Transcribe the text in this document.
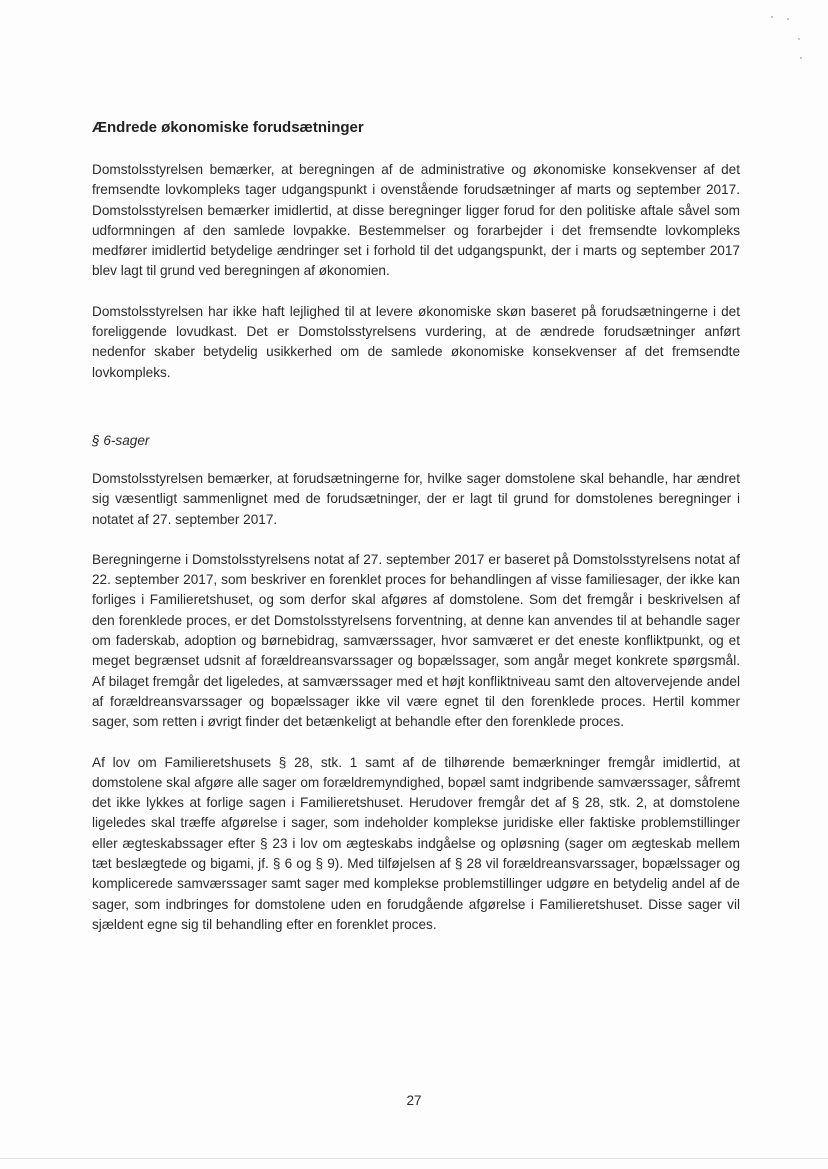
Ændrede økonomiske forudsætninger

Domstolsstyrelsen bemærker, at beregningen af de administrative og økonomiske konsekvenser af det fremsendte lovkompleks tager udgangspunkt i ovenstående forudsætninger af marts og september 2017. Domstolsstyrelsen bemærker imidlertid, at disse beregninger ligger forud for den politiske aftale såvel som udformningen af den samlede lovpakke. Bestemmelser og forarbejder i det fremsendte lovkompleks medfører imidlertid betydelige ændringer set i forhold til det udgangspunkt, der i marts og september 2017 blev lagt til grund ved beregningen af økonomien.

Domstolsstyrelsen har ikke haft lejlighed til at levere økonomiske skøn baseret på forudsætningerne i det foreliggende lovudkast. Det er Domstolsstyrelsens vurdering, at de ændrede forudsætninger anført nedenfor skaber betydelig usikkerhed om de samlede økonomiske konsekvenser af det fremsendte lovkompleks.

§ 6-sager

Domstolsstyrelsen bemærker, at forudsætningerne for, hvilke sager domstolene skal behandle, har ændret sig væsentligt sammenlignet med de forudsætninger, der er lagt til grund for domstolenes beregninger i notatet af 27. september 2017.

Beregningerne i Domstolsstyrelsens notat af 27. september 2017 er baseret på Domstolsstyrelsens notat af 22. september 2017, som beskriver en forenklet proces for behandlingen af visse familiesager, der ikke kan forliges i Familieretshuset, og som derfor skal afgøres af domstolene. Som det fremgår i beskrivelsen af den forenklede proces, er det Domstolsstyrelsens forventning, at denne kan anvendes til at behandle sager om faderskab, adoption og børnebidrag, samværssager, hvor samværet er det eneste konfliktpunkt, og et meget begrænset udsnit af forældreansvarssager og bopælssager, som angår meget konkrete spørgsmål. Af bilaget fremgår det ligeledes, at samværssager med et højt konfliktniveau samt den altovervejende andel af forældreansvarssager og bopælssager ikke vil være egnet til den forenklede proces. Hertil kommer sager, som retten i øvrigt finder det betænkeligt at behandle efter den forenklede proces.

Af lov om Familieretshusets § 28, stk. 1 samt af de tilhørende bemærkninger fremgår imidlertid, at domstolene skal afgøre alle sager om forældremyndighed, bopæl samt indgribende samværssager, såfremt det ikke lykkes at forlige sagen i Familieretshuset. Herudover fremgår det af § 28, stk. 2, at domstolene ligeledes skal træffe afgørelse i sager, som indeholder komplekse juridiske eller faktiske problemstillinger eller ægteskabssager efter § 23 i lov om ægteskabs indgåelse og opløsning (sager om ægteskab mellem tæt beslægtede og bigami, jf. § 6 og § 9). Med tilføjelsen af § 28 vil forældreansvarssager, bopælssager og komplicerede samværssager samt sager med komplekse problemstillinger udgøre en betydelig andel af de sager, som indbringes for domstolene uden en forudgående afgørelse i Familieretshuset. Disse sager vil sjældent egne sig til behandling efter en forenklet proces.

27
